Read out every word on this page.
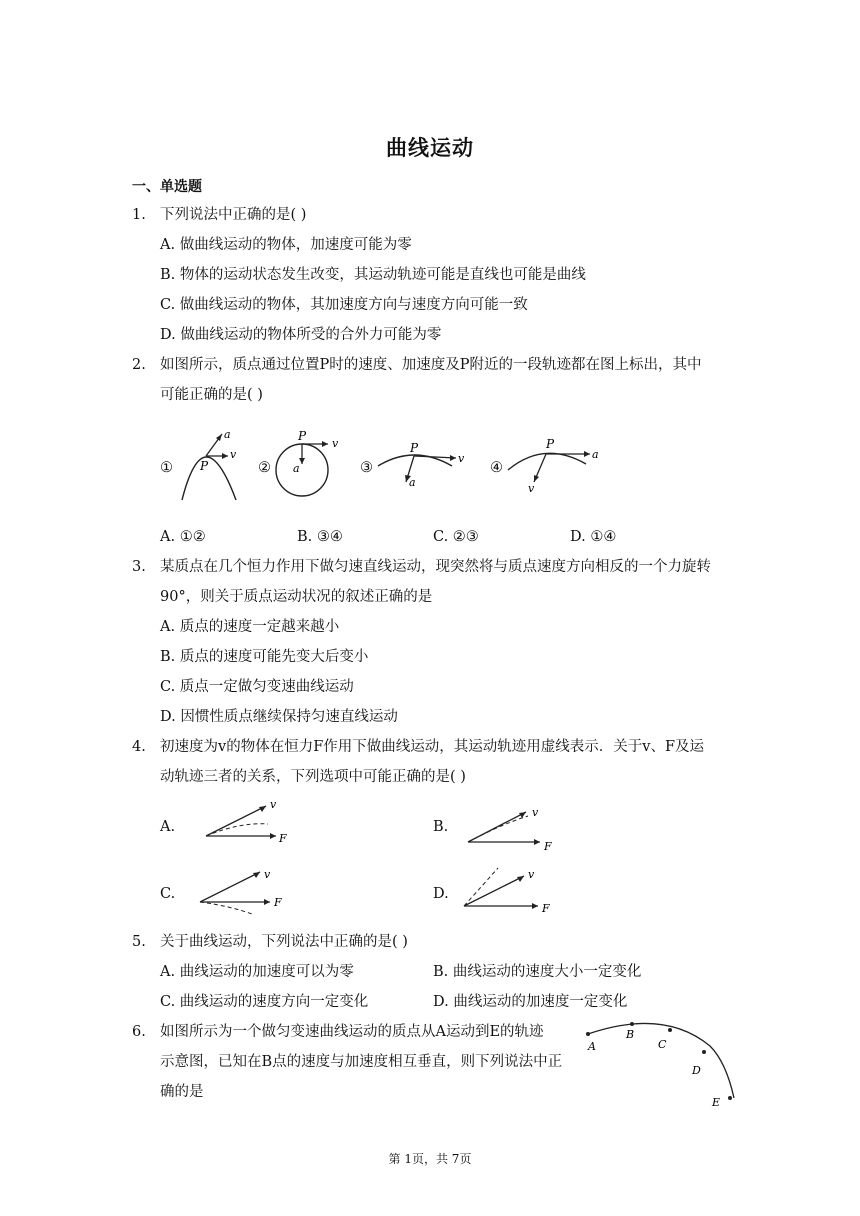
曲线运动
一、单选题
1. 下列说法中正确的是( )
A. 做曲线运动的物体，加速度可能为零
B. 物体的运动状态发生改变，其运动轨迹可能是直线也可能是曲线
C. 做曲线运动的物体，其加速度方向与速度方向可能一致
D. 做曲线运动的物体所受的合外力可能为零
2. 如图所示，质点通过位置P时的速度、加速度及P附近的一段轨迹都在图上标出，其中
可能正确的是( )
①
a
v
P	②
P
v
a	③
P
v
a
④
P
a
v
A. ①②	B. ③④	C. ②③	D. ①④
3. 某质点在几个恒力作用下做匀速直线运动，现突然将与质点速度方向相反的一个力旋转
90°，则关于质点运动状况的叙述正确的是
A. 质点的速度一定越来越小
B. 质点的速度可能先变大后变小
C. 质点一定做匀变速曲线运动
D. 因惯性质点继续保持匀速直线运动
4. 初速度为v的物体在恒力F作用下做曲线运动，其运动轨迹用虚线表示．关于v、F及运
动轨迹三者的关系，下列选项中可能正确的是( )
A.
v
F
B.
v
F
C.
v
F
D.
v
F
5. 关于曲线运动，下列说法中正确的是( )
A. 曲线运动的加速度可以为零	B. 曲线运动的速度大小一定变化
C. 曲线运动的速度方向一定变化	D. 曲线运动的加速度一定变化
6. 如图所示为一个做匀变速曲线运动的质点从A运动到E的轨迹
示意图，已知在B点的速度与加速度相互垂直，则下列说法中正
确的是
A
B
C
D
E
第 1页，共 7页
